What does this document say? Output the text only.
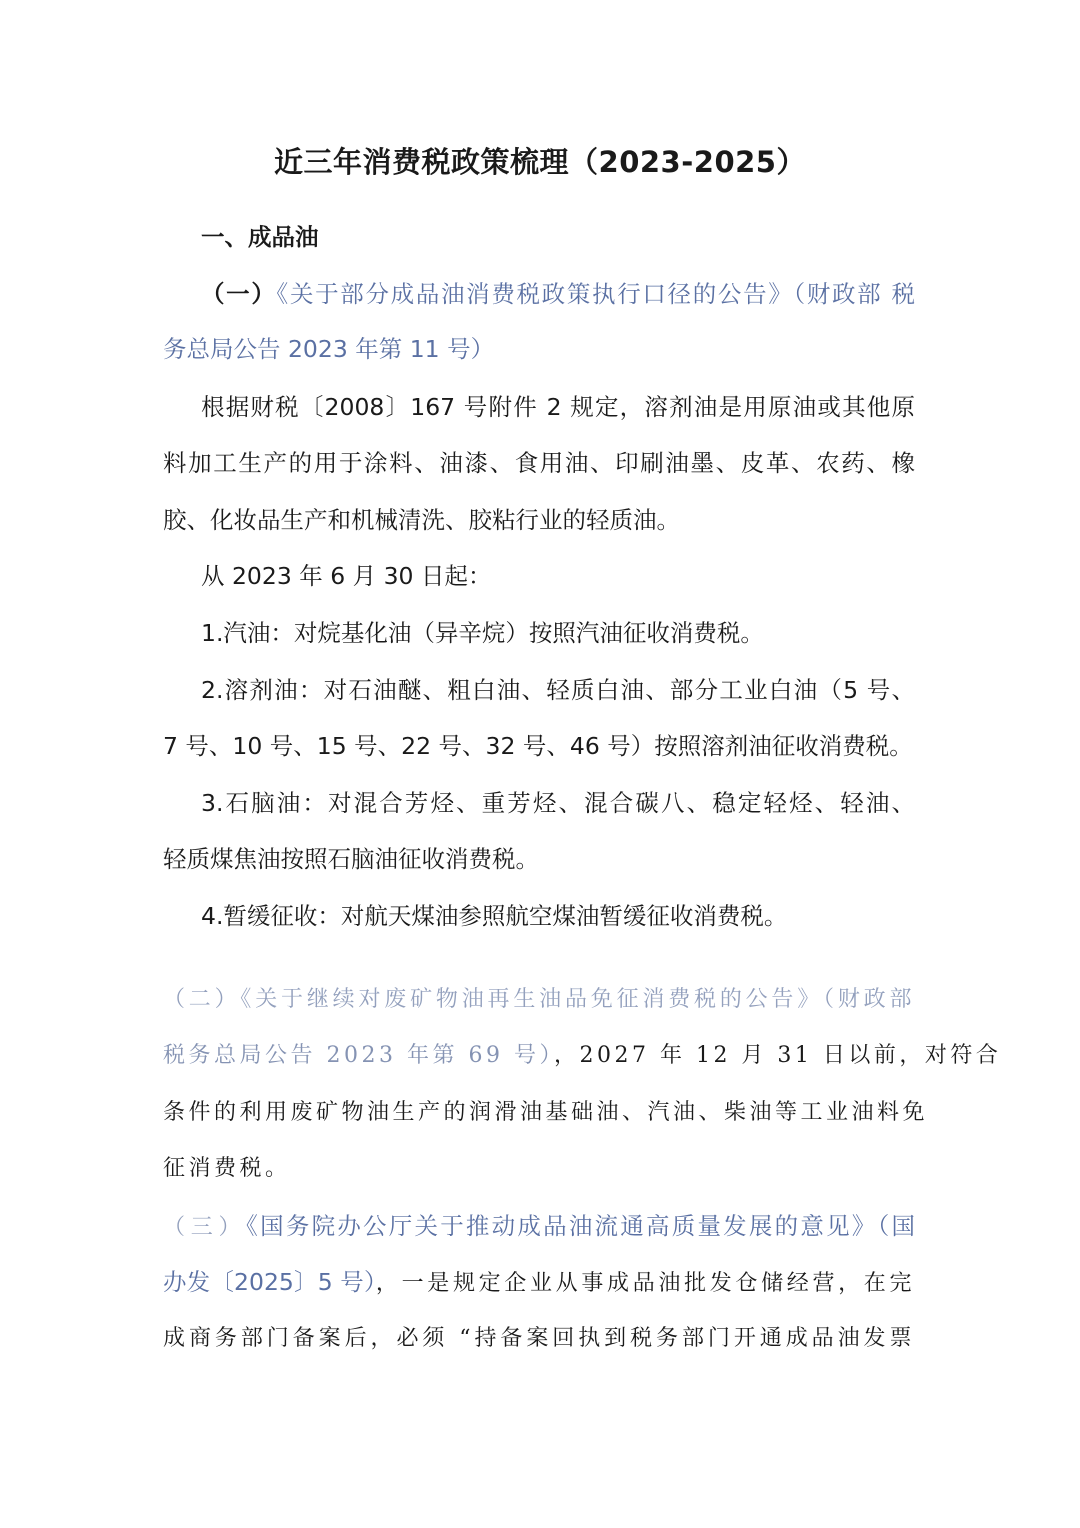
近三年消费税政策梳理（2023-2025）
一、成品油
（一）《关于部分成品油消费税政策执行口径的公告》（财政部 税
务总局公告 2023 年第 11 号）
根据财税〔2008〕167 号附件 2 规定，溶剂油是用原油或其他原
料加工生产的用于涂料、油漆、食用油、印刷油墨、皮革、农药、橡
胶、化妆品生产和机械清洗、胶粘行业的轻质油。
从 2023 年 6 月 30 日起：
1.汽油：对烷基化油（异辛烷）按照汽油征收消费税。
2.溶剂油：对石油醚、粗白油、轻质白油、部分工业白油（5 号、
7 号、10 号、15 号、22 号、32 号、46 号）按照溶剂油征收消费税。
3.石脑油：对混合芳烃、重芳烃、混合碳八、稳定轻烃、轻油、
轻质煤焦油按照石脑油征收消费税。
4.暂缓征收：对航天煤油参照航空煤油暂缓征收消费税。
（二）《关于继续对废矿物油再生油品免征消费税的公告》（财政部
税务总局公告 2023 年第 69 号），2027 年 12 月 31 日以前，对符合
条件的利用废矿物油生产的润滑油基础油、汽油、柴油等工业油料免
征消费税。
（三）《国务院办公厅关于推动成品油流通高质量发展的意见》（国
办发〔2025〕5 号），一是规定企业从事成品油批发仓储经营，在完
成商务部门备案后，必须 “持备案回执到税务部门开通成品油发票
